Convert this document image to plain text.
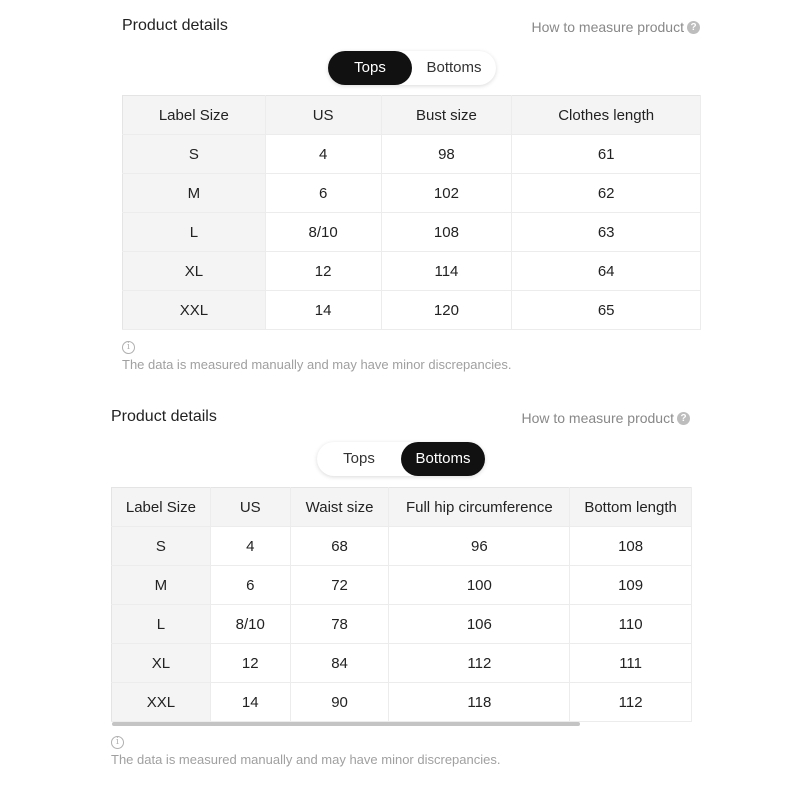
Product details	How to measure product ?
Tops	Bottoms
Label Size	US	Bust size	Clothes length
S	4	98	61
M	6	102	62
L	8/10	108	63
XL	12	114	64
XXL	14	120	65
i
The data is measured manually and may have minor discrepancies.
Product details	How to measure product ?
Tops	Bottoms
Label Size	US	Waist size	Full hip circumference	Bottom length
S	4	68	96	108
M	6	72	100	109
L	8/10	78	106	110
XL	12	84	112	111
XXL	14	90	118	112
i
The data is measured manually and may have minor discrepancies.
